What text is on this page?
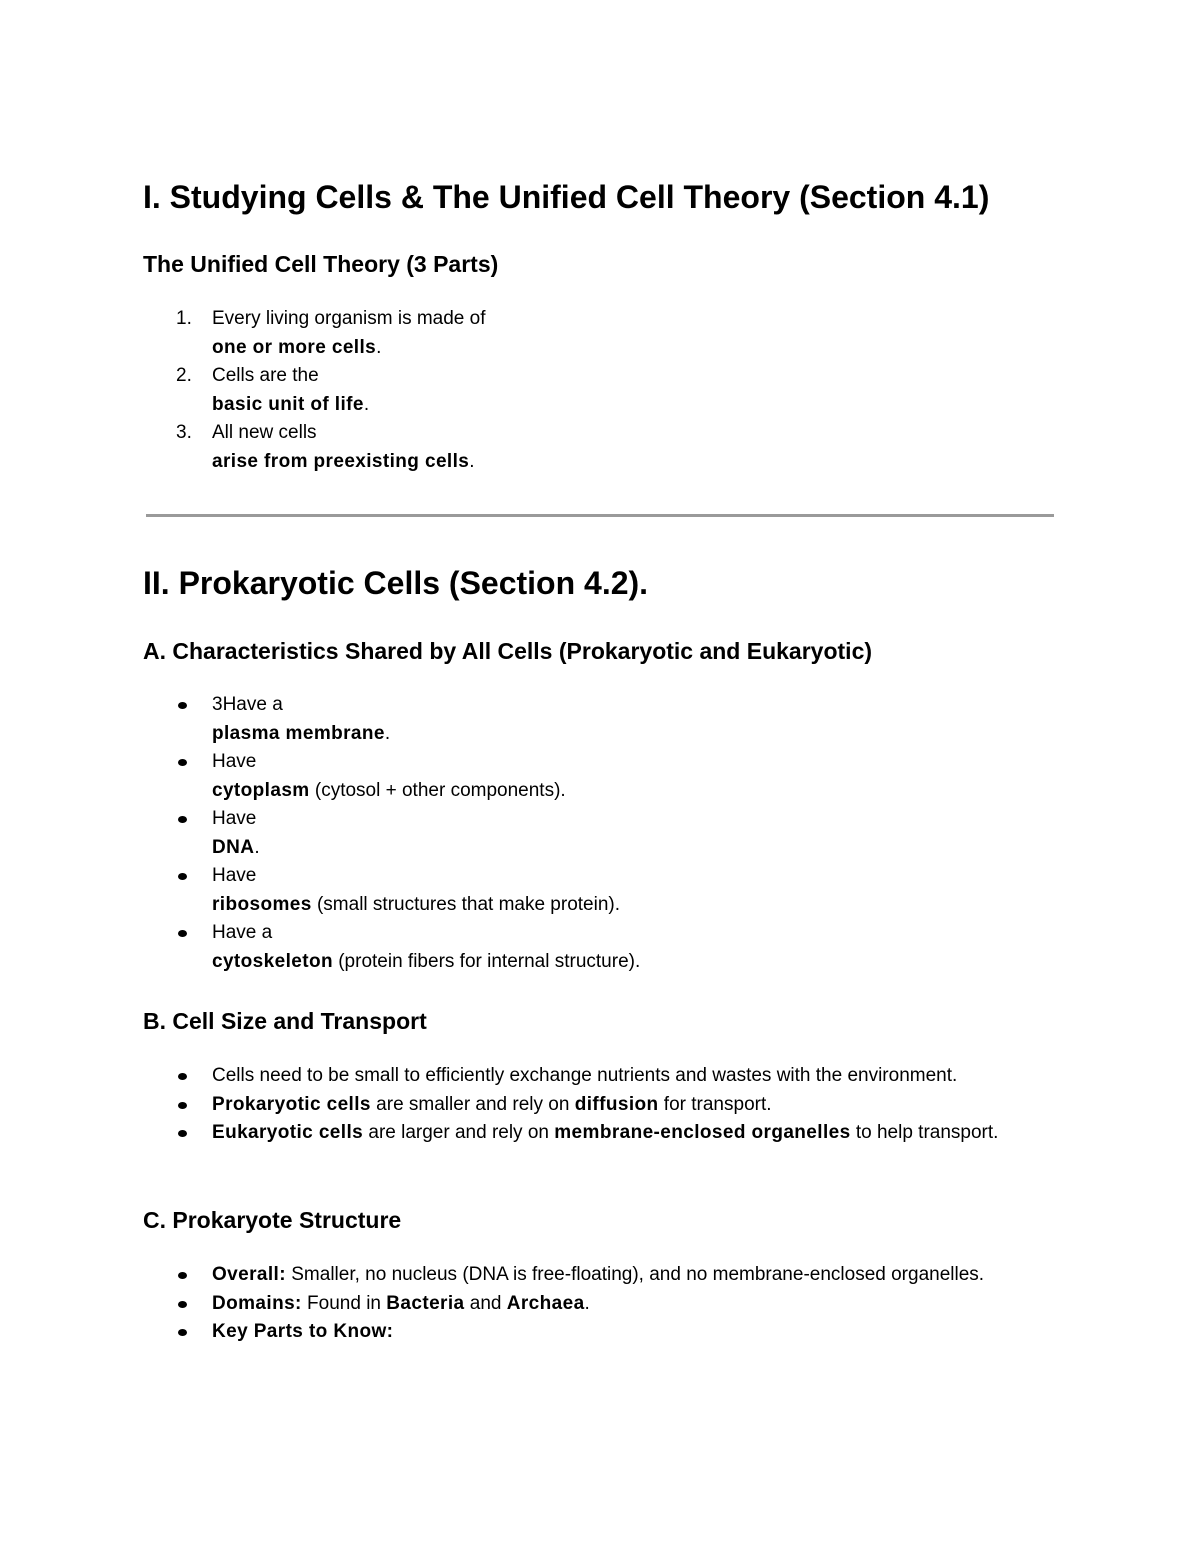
I. Studying Cells & The Unified Cell Theory (Section 4.1)
The Unified Cell Theory (3 Parts)
1. Every living organism is made of
one or more cells.
2. Cells are the
basic unit of life.
3. All new cells
arise from preexisting cells.
II. Prokaryotic Cells (Section 4.2).
A. Characteristics Shared by All Cells (Prokaryotic and Eukaryotic)
3Have a
plasma membrane.
Have
cytoplasm (cytosol + other components).
Have
DNA.
Have
ribosomes (small structures that make protein).
Have a
cytoskeleton (protein fibers for internal structure).
B. Cell Size and Transport
Cells need to be small to efficiently exchange nutrients and wastes with the environment.
Prokaryotic cells are smaller and rely on diffusion for transport.
Eukaryotic cells are larger and rely on membrane-enclosed organelles to help transport.
C. Prokaryote Structure
Overall: Smaller, no nucleus (DNA is free-floating), and no membrane-enclosed organelles.
Domains: Found in Bacteria and Archaea.
Key Parts to Know:
